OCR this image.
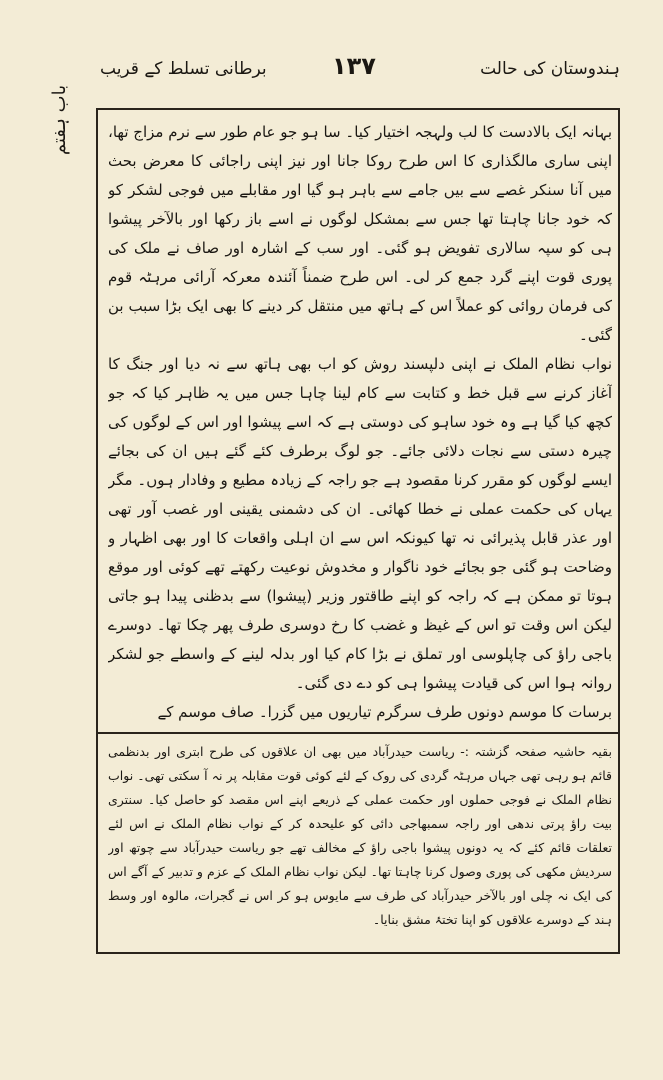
ہندوستان کی حالت
۱۳۷
برطانی تسلط کے قریب
باب ہفتم	بہانہ ایک بالادست کا لب ولہجہ اختیار کیا۔ سا ہو جو عام طور سے نرم مزاج تھا، اپنی ساری مالگذاری کا اس طرح روکا جانا اور نیز اپنی راجائی کا معرض بحث میں آنا سنکر غصے سے بیں جامے سے باہر ہو گیا اور مقابلے میں فوجی لشکر کو کہ خود جانا چاہتا تھا جس سے بمشکل لوگوں نے اسے باز رکھا اور بالآخر پیشوا ہی کو سپہ سالاری تفویض ہو گئی۔ اور سب کے اشارہ اور صاف نے ملک کی پوری قوت اپنے گرد جمع کر لی۔ اس طرح ضمناً آئندہ معرکہ آرائی مرہٹہ قوم کی فرمان روائی کو عملاً اس کے ہاتھ میں منتقل کر دینے کا بھی ایک بڑا سبب بن گئی۔

نواب نظام الملک نے اپنی دلپسند روش کو اب بھی ہاتھ سے نہ دیا اور جنگ کا آغاز کرنے سے قبل خط و کتابت سے کام لینا چاہا جس میں یہ ظاہر کیا کہ جو کچھ کیا گیا ہے وہ خود ساہو کی دوستی ہے کہ اسے پیشوا اور اس کے لوگوں کی چیرہ دستی سے نجات دلائی جائے۔ جو لوگ برطرف کئے گئے ہیں ان کی بجائے ایسے لوگوں کو مقرر کرنا مقصود ہے جو راجہ کے زیادہ مطیع و وفادار ہوں۔ مگر یہاں کی حکمت عملی نے خطا کھائی۔ ان کی دشمنی یقینی اور غصب آور تھی اور عذر قابل پذیرائی نہ تھا کیونکہ اس سے ان اہلی واقعات کا اور بھی اظہار و وضاحت ہو گئی جو بجائے خود ناگوار و مخدوش نوعیت رکھتے تھے کوئی اور موقع ہوتا تو ممکن ہے کہ راجہ کو اپنے طاقتور وزیر (پیشوا) سے بدظنی پیدا ہو جاتی لیکن اس وقت تو اس کے غیظ و غضب کا رخ دوسری طرف پھر چکا تھا۔ دوسرے باجی راؤ کی چاپلوسی اور تملق نے بڑا کام کیا اور بدلہ لینے کے واسطے جو لشکر روانہ ہوا اس کی قیادت پیشوا ہی کو دے دی گئی۔

برسات کا موسم دونوں طرف سرگرم تیاریوں میں گزرا۔ صاف موسم کے

بقیہ حاشیہ صفحہ گزشتہ :- ریاست حیدرآباد میں بھی ان علاقوں کی طرح ابتری اور بدنظمی قائم ہو رہی تھی جہاں مرہٹہ گردی کی روک کے لئے کوئی قوت مقابلہ پر نہ آ سکتی تھی۔ نواب نظام الملک نے فوجی حملوں اور حکمت عملی کے ذریعے اپنے اس مقصد کو حاصل کیا۔ سنتری بیت راؤ پرتی ندھی اور راجہ سمبھاجی دائی کو علیحدہ کر کے نواب نظام الملک نے اس لئے تعلقات قائم کئے کہ یہ دونوں پیشوا باجی راؤ کے مخالف تھے جو ریاست حیدرآباد سے چوتھ اور سردیش مکھی کی پوری وصول کرنا چاہتا تھا۔ لیکن نواب نظام الملک کے عزم و تدبیر کے آگے اس کی ایک نہ چلی اور بالآخر حیدرآباد کی طرف سے مایوس ہو کر اس نے گجرات، مالوہ اور وسط ہند کے دوسرے علاقوں کو اپنا تختۂ مشق بنایا۔
